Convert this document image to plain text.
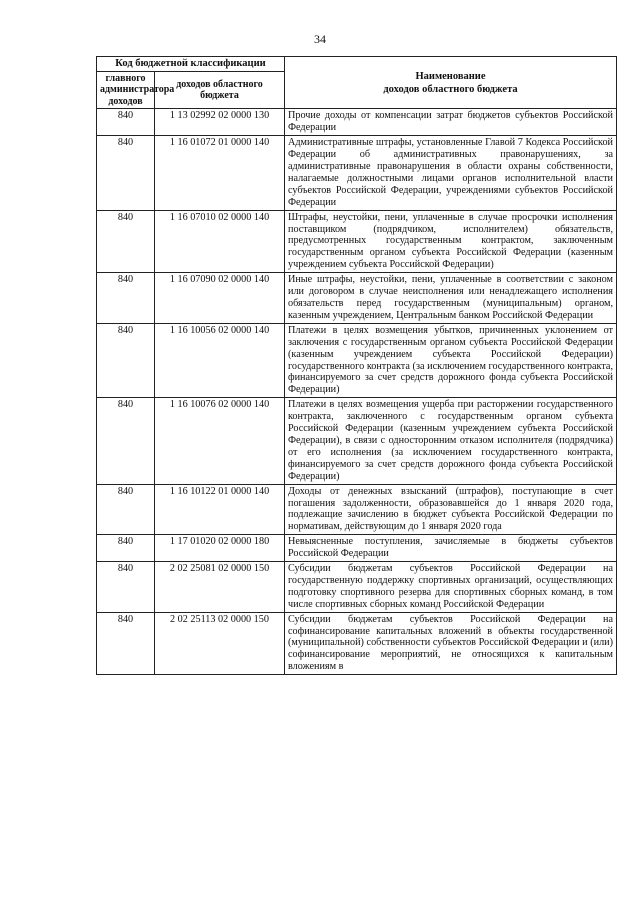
34
Код бюджетной классификации		Наименование
доходов областного бюджета
главного администратора доходов	доходов областного бюджета	
840	1 13 02992 02 0000 130	Прочие доходы от компенсации затрат бюджетов субъектов Российской Федерации
840	1 16 01072 01 0000 140	Административные штрафы, установленные Главой 7 Кодекса Российской Федерации об административных правонарушениях, за административные правонарушения в области охраны собственности, налагаемые должностными лицами органов исполнительной власти субъектов Российской Федерации, учреждениями субъектов Российской Федерации
840	1 16 07010 02 0000 140	Штрафы, неустойки, пени, уплаченные в случае просрочки исполнения поставщиком (подрядчиком, исполнителем) обязательств, предусмотренных государственным контрактом, заключенным государственным органом субъекта Российской Федерации (казенным учреждением субъекта Российской Федерации)
840	1 16 07090 02 0000 140	Иные штрафы, неустойки, пени, уплаченные в соответствии с законом или договором в случае неисполнения или ненадлежащего исполнения обязательств перед государственным (муниципальным) органом, казенным учреждением, Центральным банком Российской Федерации
840	1 16 10056 02 0000 140	Платежи в целях возмещения убытков, причиненных уклонением от заключения с государственным органом субъекта Российской Федерации (казенным учреждением субъекта Российской Федерации) государственного контракта (за исключением государственного контракта, финансируемого за счет средств дорожного фонда субъекта Российской Федерации)
840	1 16 10076 02 0000 140	Платежи в целях возмещения ущерба при расторжении государственного контракта, заключенного с государственным органом субъекта Российской Федерации (казенным учреждением субъекта Российской Федерации), в связи с односторонним отказом исполнителя (подрядчика) от его исполнения (за исключением государственного контракта, финансируемого за счет средств дорожного фонда субъекта Российской Федерации)
840	1 16 10122 01 0000 140	Доходы от денежных взысканий (штрафов), поступающие в счет погашения задолженности, образовавшейся до 1 января 2020 года, подлежащие зачислению в бюджет субъекта Российской Федерации по нормативам, действующим до 1 января 2020 года
840	1 17 01020 02 0000 180	Невыясненные поступления, зачисляемые в бюджеты субъектов Российской Федерации
840	2 02 25081 02 0000 150	Субсидии бюджетам субъектов Российской Федерации на государственную поддержку спортивных организаций, осуществляющих подготовку спортивного резерва для спортивных сборных команд, в том числе спортивных сборных команд Российской Федерации
840	2 02 25113 02 0000 150	Субсидии бюджетам субъектов Российской Федерации на софинансирование капитальных вложений в объекты государственной (муниципальной) собственности субъектов Российской Федерации и (или) софинансирование мероприятий, не относящихся к капитальным вложениям в
